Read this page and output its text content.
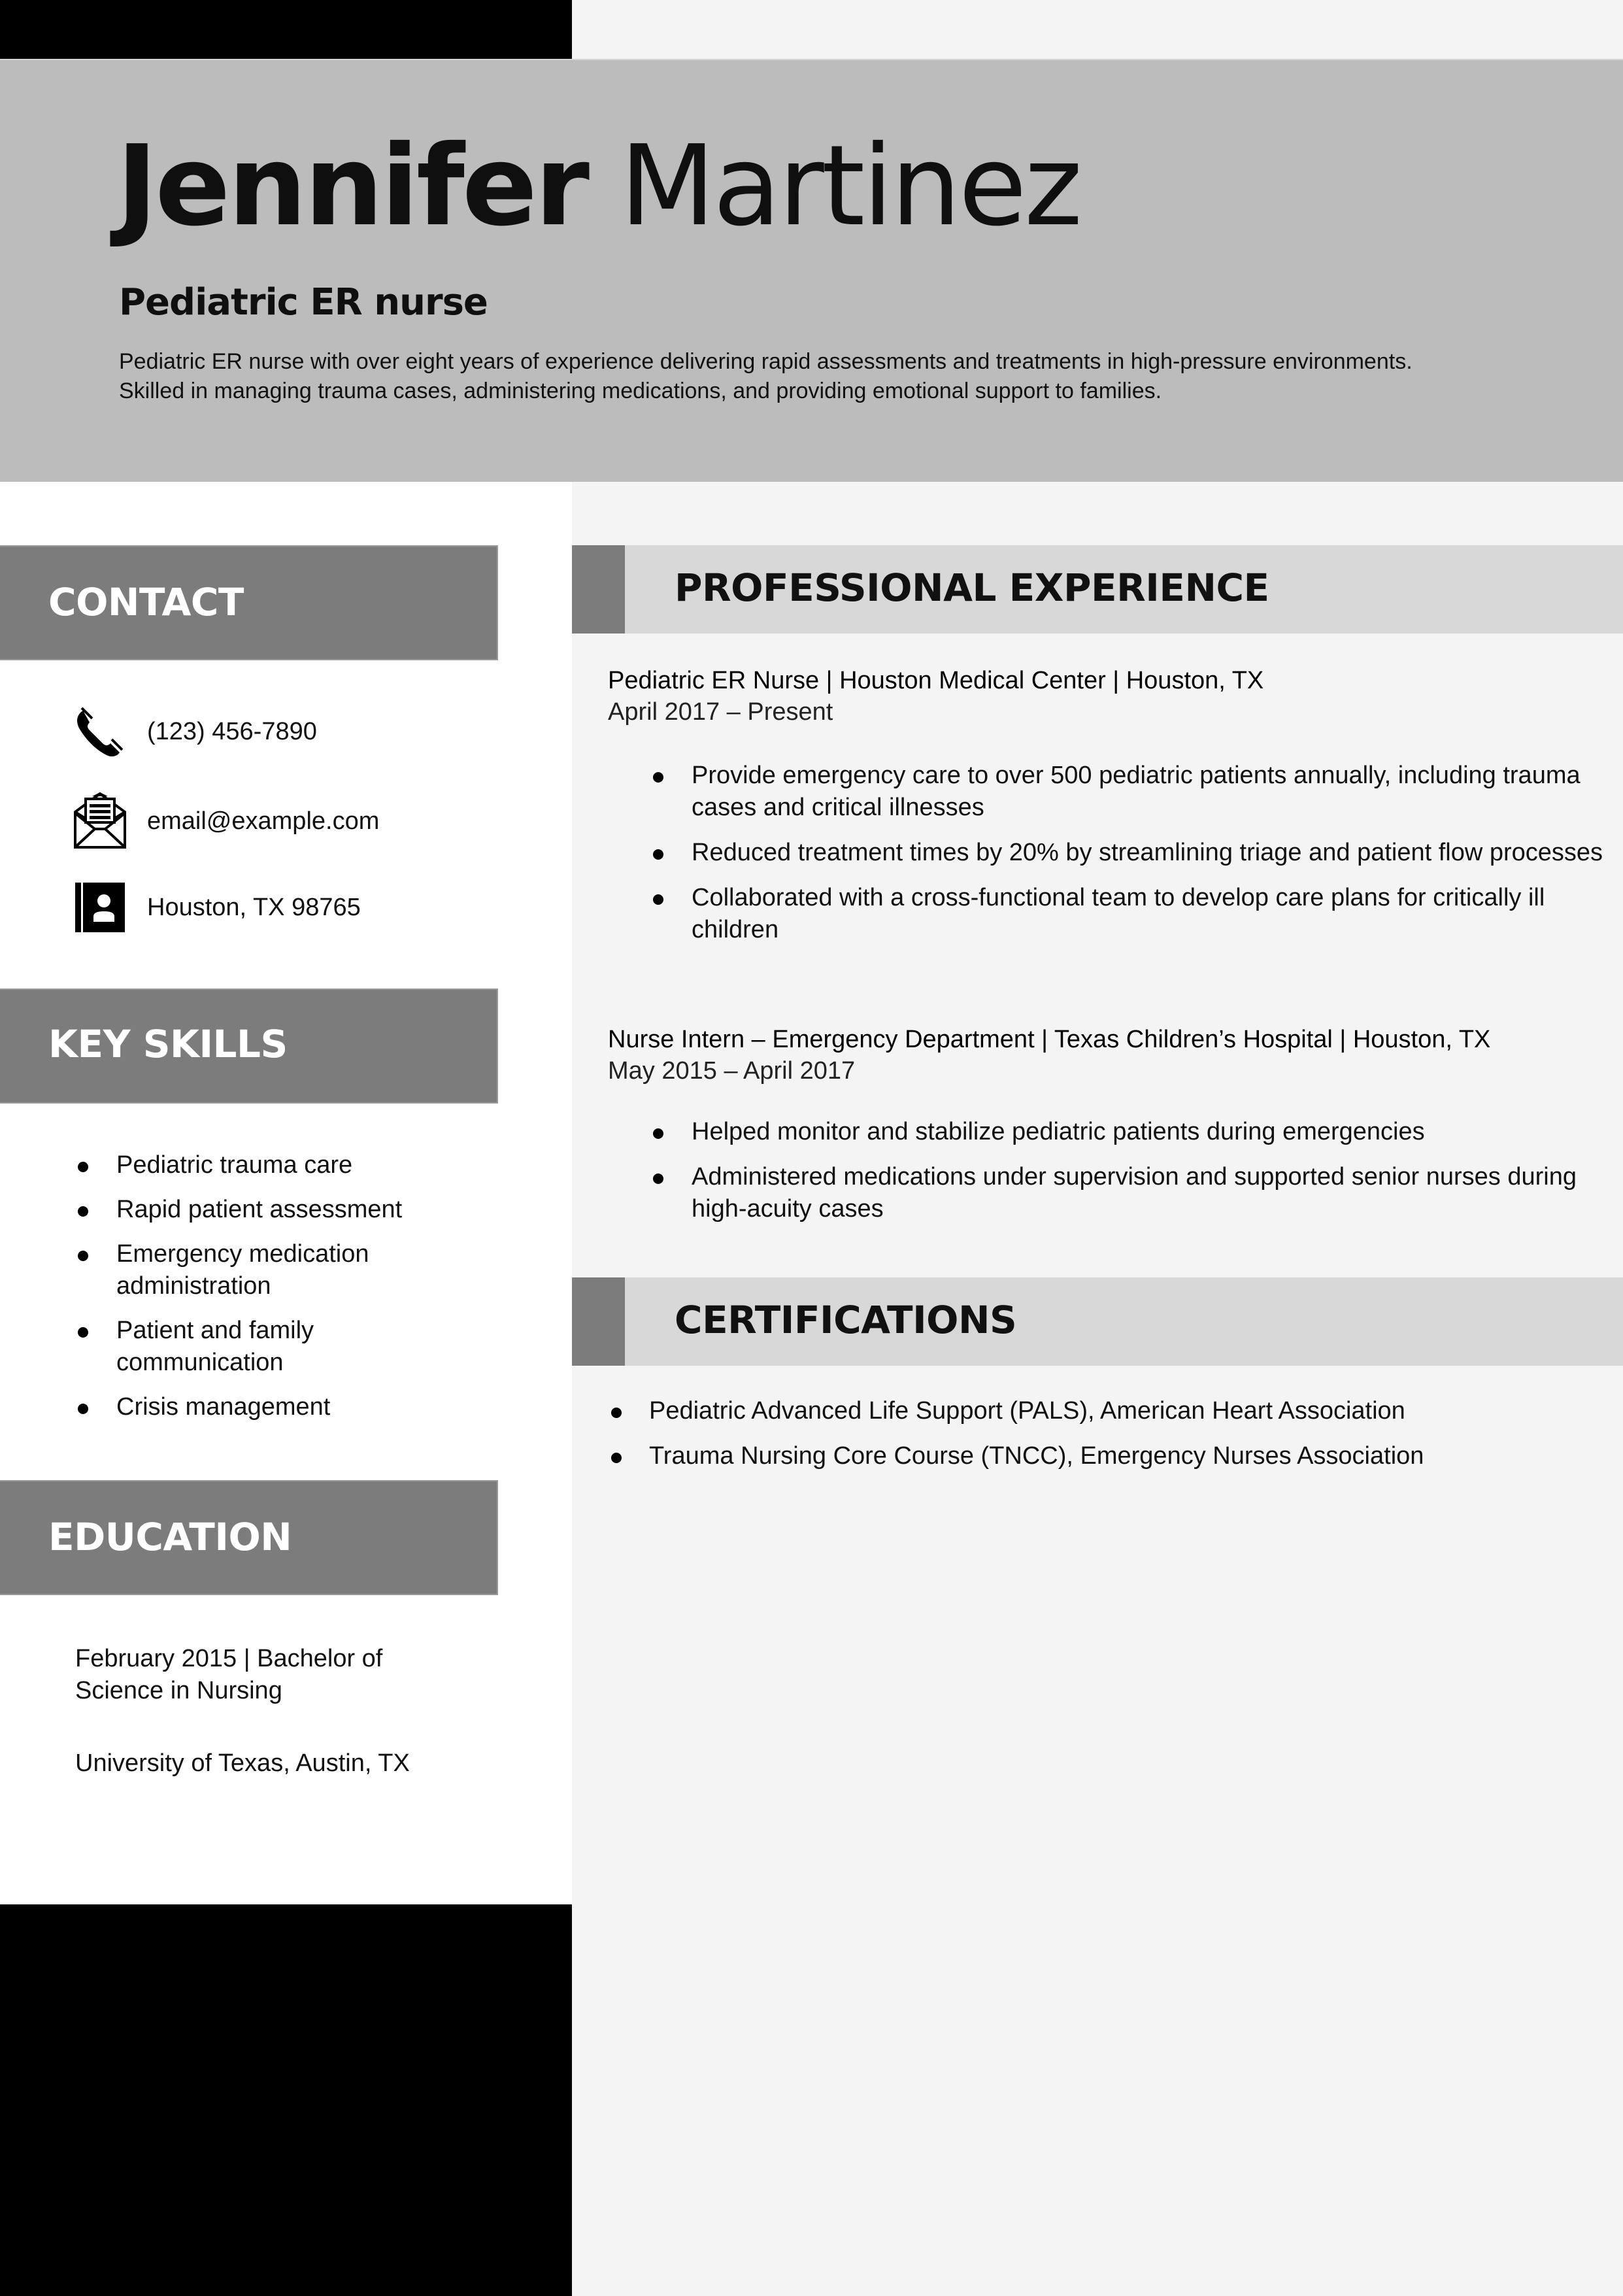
Jennifer Martinez
Pediatric ER nurse
Pediatric ER nurse with over eight years of experience delivering rapid assessments and treatments in high-pressure environments.
Skilled in managing trauma cases, administering medications, and providing emotional support to families.
CONTACT
(123) 456-7890
email@example.com
Houston, TX 98765
KEY SKILLS
Pediatric trauma care
Rapid patient assessment
Emergency medication administration
Patient and family communication
Crisis management
EDUCATION
February 2015 | Bachelor of Science in Nursing
University of Texas, Austin, TX
PROFESSIONAL EXPERIENCE
Pediatric ER Nurse | Houston Medical Center | Houston, TX
April 2017 – Present
Provide emergency care to over 500 pediatric patients annually, including trauma cases and critical illnesses
Reduced treatment times by 20% by streamlining triage and patient flow processes
Collaborated with a cross-functional team to develop care plans for critically ill children
Nurse Intern – Emergency Department | Texas Children’s Hospital | Houston, TX
May 2015 – April 2017
Helped monitor and stabilize pediatric patients during emergencies
Administered medications under supervision and supported senior nurses during high-acuity cases
CERTIFICATIONS
Pediatric Advanced Life Support (PALS), American Heart Association
Trauma Nursing Core Course (TNCC), Emergency Nurses Association
